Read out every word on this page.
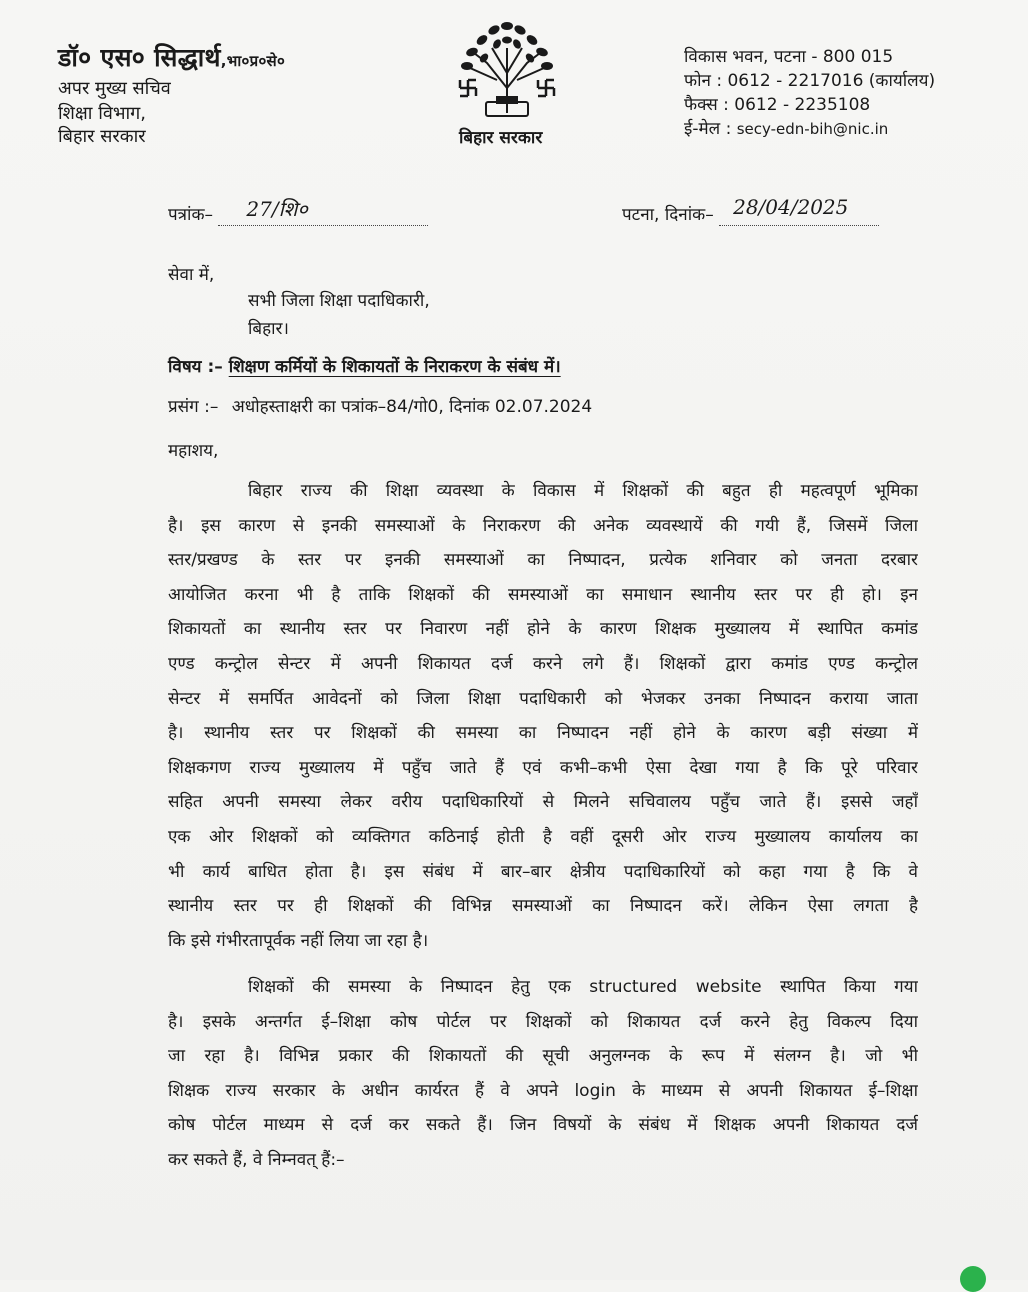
डॉ० एस० सिद्धार्थ,भा०प्र०से०
अपर मुख्य सचिव
शिक्षा विभाग,
बिहार सरकार	बिहार सरकार
विकास भवन, पटना - 800 015
फोन : 0612 - 2217016 (कार्यालय)
फैक्स : 0612 - 2235108
ई-मेल : secy-edn-bih@nic.in
पत्रांक– 27/शि०
	पटना, दिनांक– 28/04/2025

सेवा में,
सभी जिला शिक्षा पदाधिकारी,
बिहार।
विषय :– शिक्षण कर्मियों के शिकायतों के निराकरण के संबंध में।
प्रसंग :– अधोहस्ताक्षरी का पत्रांक–84/गो0, दिनांक 02.07.2024
महाशय,
बिहार राज्य की शिक्षा व्यवस्था के विकास में शिक्षकों की बहुत ही महत्वपूर्ण भूमिका
है। इस कारण से इनकी समस्याओं के निराकरण की अनेक व्यवस्थायें की गयी हैं, जिसमें जिला
स्तर/प्रखण्ड के स्तर पर इनकी समस्याओं का निष्पादन, प्रत्येक शनिवार को जनता दरबार
आयोजित करना भी है ताकि शिक्षकों की समस्याओं का समाधान स्थानीय स्तर पर ही हो। इन
शिकायतों का स्थानीय स्तर पर निवारण नहीं होने के कारण शिक्षक मुख्यालय में स्थापित कमांड
एण्ड कन्ट्रोल सेन्टर में अपनी शिकायत दर्ज करने लगे हैं। शिक्षकों द्वारा कमांड एण्ड कन्ट्रोल
सेन्टर में समर्पित आवेदनों को जिला शिक्षा पदाधिकारी को भेजकर उनका निष्पादन कराया जाता
है। स्थानीय स्तर पर शिक्षकों की समस्या का निष्पादन नहीं होने के कारण बड़ी संख्या में
शिक्षकगण राज्य मुख्यालय में पहुँच जाते हैं एवं कभी–कभी ऐसा देखा गया है कि पूरे परिवार
सहित अपनी समस्या लेकर वरीय पदाधिकारियों से मिलने सचिवालय पहुँच जाते हैं। इससे जहाँ
एक ओर शिक्षकों को व्यक्तिगत कठिनाई होती है वहीं दूसरी ओर राज्य मुख्यालय कार्यालय का
भी कार्य बाधित होता है। इस संबंध में बार–बार क्षेत्रीय पदाधिकारियों को कहा गया है कि वे
स्थानीय स्तर पर ही शिक्षकों की विभिन्न समस्याओं का निष्पादन करें। लेकिन ऐसा लगता है
कि इसे गंभीरतापूर्वक नहीं लिया जा रहा है।
शिक्षकों की समस्या के निष्पादन हेतु एक structured website स्थापित किया गया
है। इसके अन्तर्गत ई–शिक्षा कोष पोर्टल पर शिक्षकों को शिकायत दर्ज करने हेतु विकल्प दिया
जा रहा है। विभिन्न प्रकार की शिकायतों की सूची अनुलग्नक के रूप में संलग्न है। जो भी
शिक्षक राज्य सरकार के अधीन कार्यरत हैं वे अपने login के माध्यम से अपनी शिकायत ई–शिक्षा
कोष पोर्टल माध्यम से दर्ज कर सकते हैं। जिन विषयों के संबंध में शिक्षक अपनी शिकायत दर्ज
कर सकते हैं, वे निम्नवत् हैं:–
